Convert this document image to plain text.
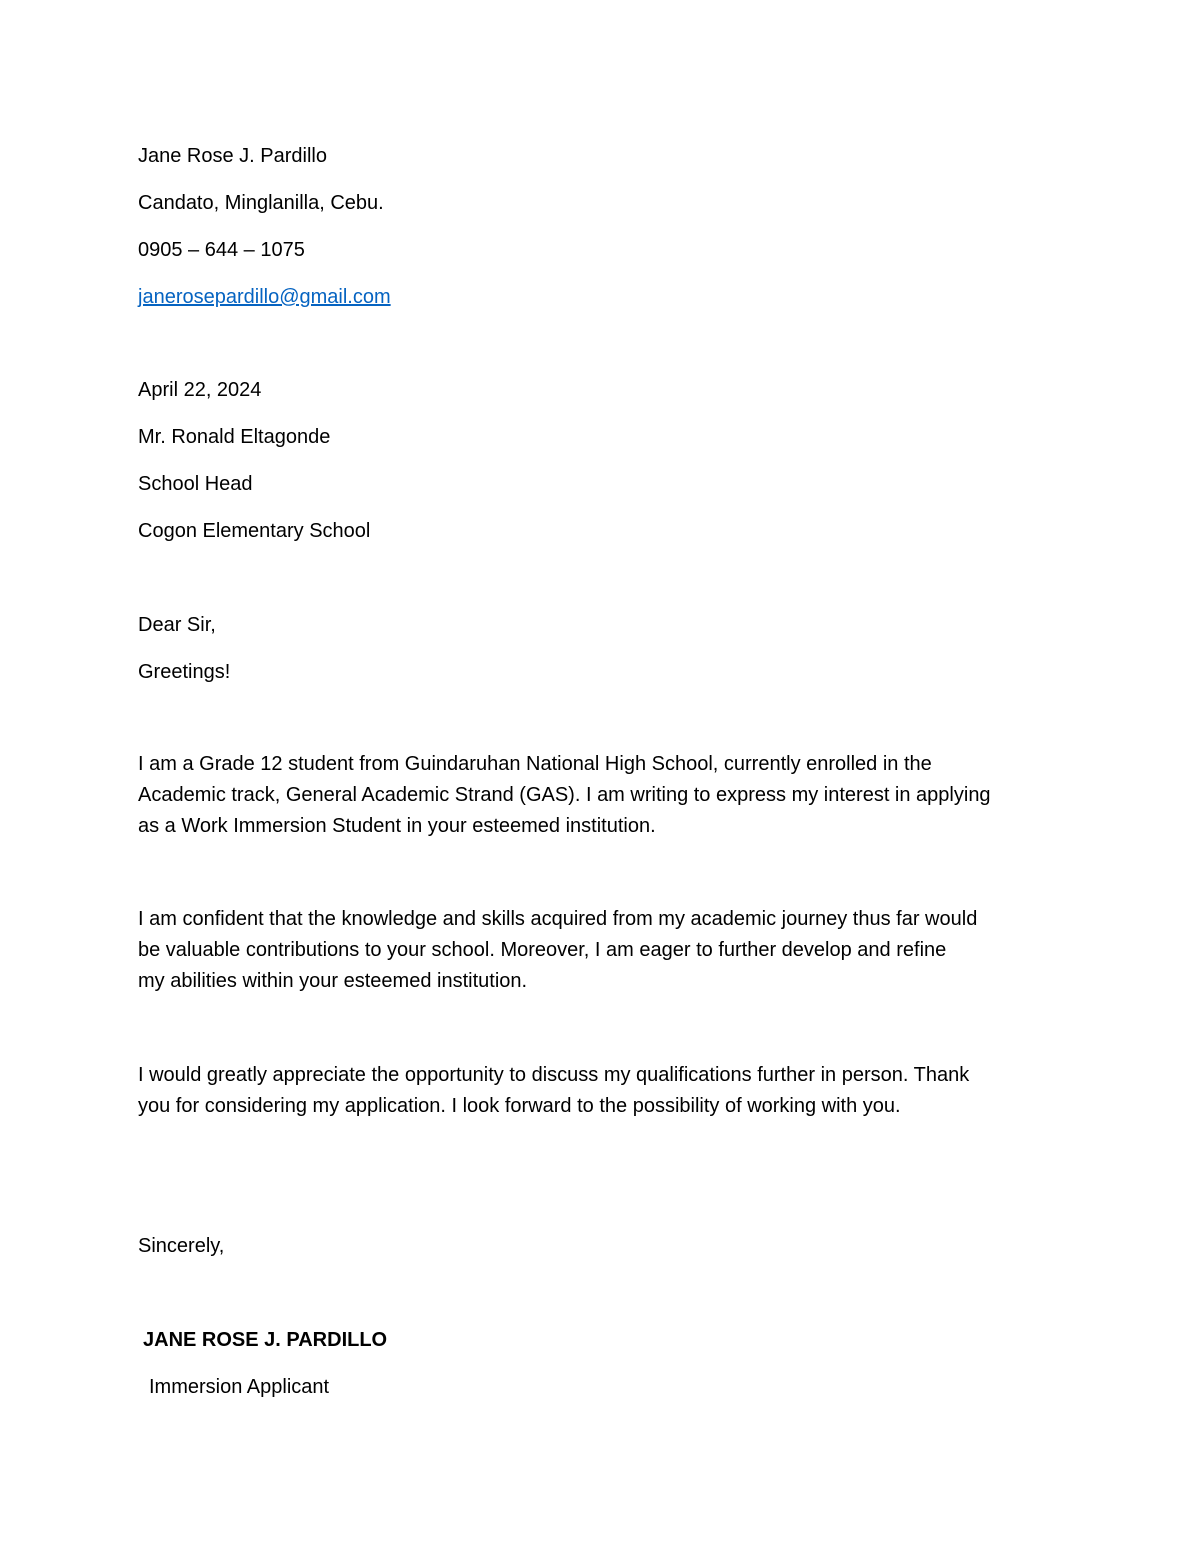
Jane Rose J. Pardillo
Candato, Minglanilla, Cebu.
0905 – 644 – 1075
janerosepardillo@gmail.com
April 22, 2024
Mr. Ronald Eltagonde
School Head
Cogon Elementary School
Dear Sir,
Greetings!
I am a Grade 12 student from Guindaruhan National High School, currently enrolled in the
Academic track, General Academic Strand (GAS). I am writing to express my interest in applying
as a Work Immersion Student in your esteemed institution.
I am confident that the knowledge and skills acquired from my academic journey thus far would
be valuable contributions to your school. Moreover, I am eager to further develop and refine
my abilities within your esteemed institution.
I would greatly appreciate the opportunity to discuss my qualifications further in person. Thank
you for considering my application. I look forward to the possibility of working with you.
Sincerely,
JANE ROSE J. PARDILLO
Immersion Applicant
